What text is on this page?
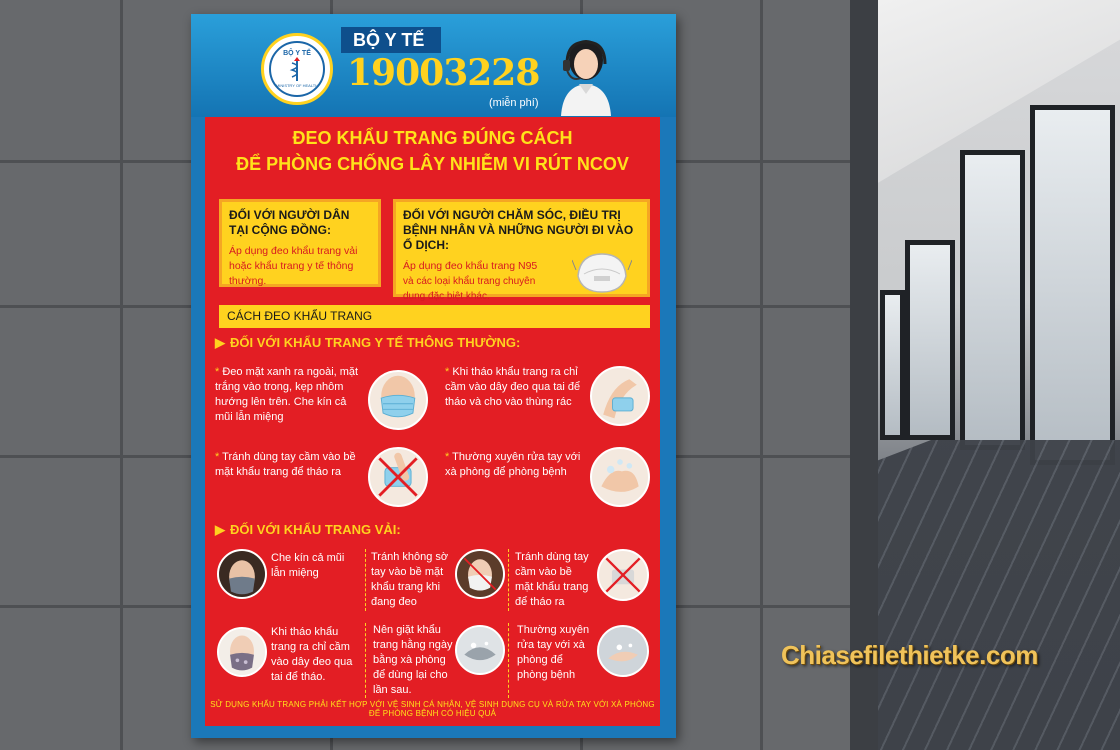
BỘ Y TẾ
MINISTRY OF HEALTH
BỘ Y TẾ
19003228
(miễn phí)
ĐEO KHẨU TRANG ĐÚNG CÁCH
ĐỂ PHÒNG CHỐNG LÂY NHIỄM VI RÚT NCOV
ĐỐI VỚI NGƯỜI DÂN TẠI CỘNG ĐỒNG:
Áp dụng đeo khẩu trang vải hoặc khẩu trang y tế thông thường.
ĐỐI VỚI NGƯỜI CHĂM SÓC, ĐIỀU TRỊ BỆNH NHÂN VÀ NHỮNG NGƯỜI ĐI VÀO Ổ DỊCH:
Áp dụng đeo khẩu trang N95
và các loại khẩu trang chuyên dụng đặc biệt khác.
CÁCH ĐEO KHẨU TRANG
▶ ĐỐI VỚI KHẨU TRANG Y TẾ THÔNG THƯỜNG:
* Đeo mặt xanh ra ngoài, mặt trắng vào trong, kẹp nhôm hướng lên trên. Che kín cả mũi lẫn miệng
* Khi tháo khẩu trang ra chỉ cầm vào dây đeo qua tai để tháo và cho vào thùng rác
* Tránh dùng tay cầm vào bề mặt khẩu trang để tháo ra
* Thường xuyên rửa tay với xà phòng để phòng bệnh
▶ ĐỐI VỚI KHẨU TRANG VẢI:
Che kín cả mũi lẫn miệng
Tránh không sờ tay vào bề mặt khẩu trang khi đang đeo
Tránh dùng tay cầm vào bề mặt khẩu trang để tháo ra
Khi tháo khẩu trang ra chỉ cầm vào dây đeo qua tai để tháo.
Nên giặt khẩu trang hằng ngày bằng xà phòng để dùng lại cho lần sau.
Thường xuyên rửa tay với xà phòng để phòng bệnh
SỬ DỤNG KHẨU TRANG PHẢI KẾT HỢP VỚI VỆ SINH CÁ NHÂN, VỆ SINH DỤNG CỤ VÀ RỬA TAY VỚI XÀ PHÒNG ĐỂ PHÒNG BỆNH CÓ HIỆU QUẢ
Chiasefilethietke.com
